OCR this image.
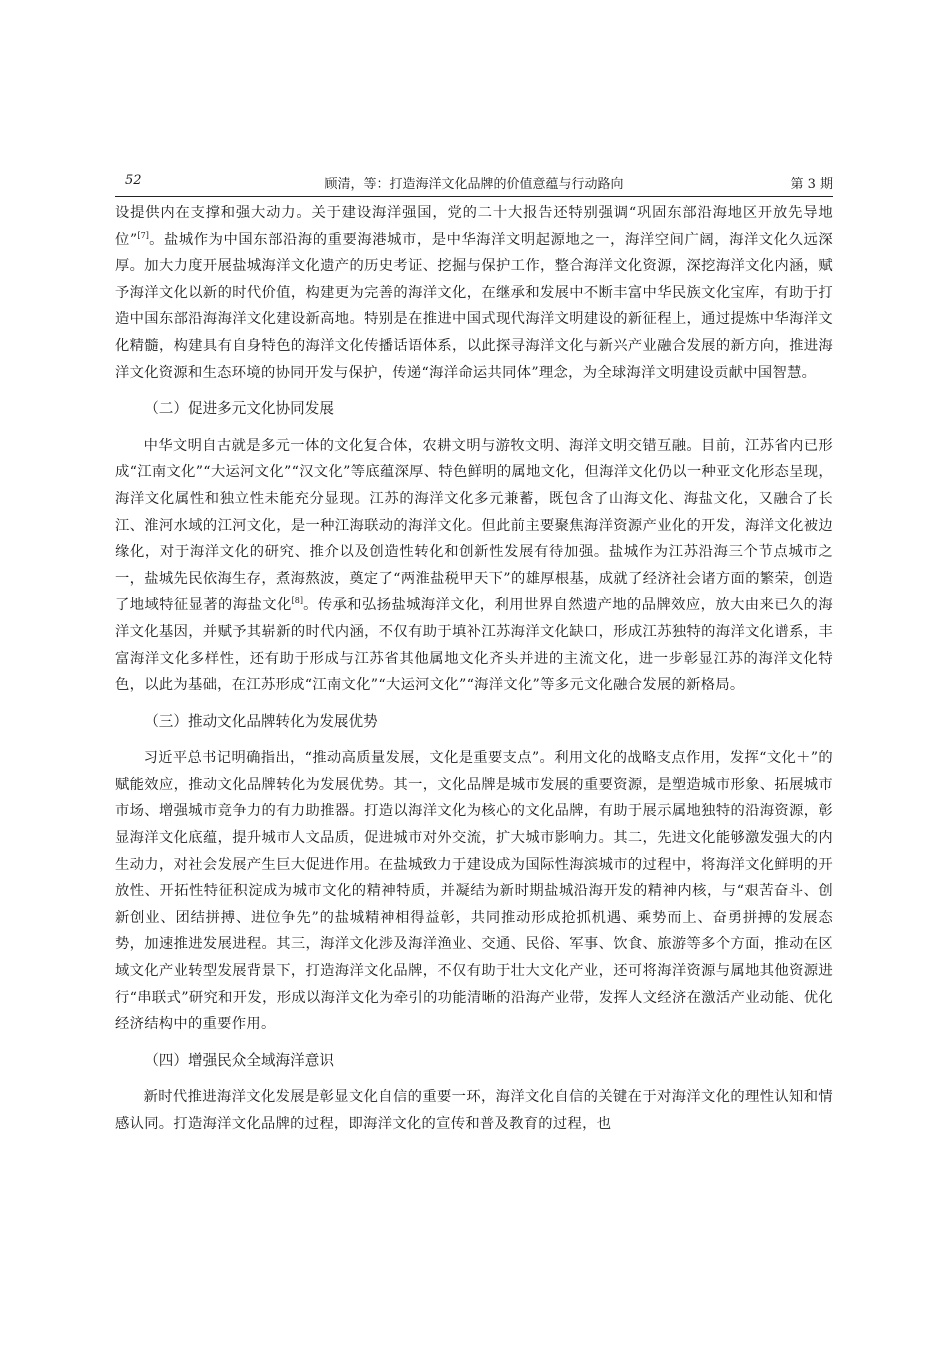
52	顾清，等：打造海洋文化品牌的价值意蕴与行动路向	第 3 期

设提供内在支撑和强大动力。关于建设海洋强国，党的二十大报告还特别强调“巩固东部沿海地区开放先导地位”[7]。盐城作为中国东部沿海的重要海港城市，是中华海洋文明起源地之一，海洋空间广阔，海洋文化久远深厚。加大力度开展盐城海洋文化遗产的历史考证、挖掘与保护工作，整合海洋文化资源，深挖海洋文化内涵，赋予海洋文化以新的时代价值，构建更为完善的海洋文化，在继承和发展中不断丰富中华民族文化宝库，有助于打造中国东部沿海海洋文化建设新高地。特别是在推进中国式现代海洋文明建设的新征程上，通过提炼中华海洋文化精髓，构建具有自身特色的海洋文化传播话语体系，以此探寻海洋文化与新兴产业融合发展的新方向，推进海洋文化资源和生态环境的协同开发与保护，传递“海洋命运共同体”理念，为全球海洋文明建设贡献中国智慧。

（二）促进多元文化协同发展

中华文明自古就是多元一体的文化复合体，农耕文明与游牧文明、海洋文明交错互融。目前，江苏省内已形成“江南文化”“大运河文化”“汉文化”等底蕴深厚、特色鲜明的属地文化，但海洋文化仍以一种亚文化形态呈现，海洋文化属性和独立性未能充分显现。江苏的海洋文化多元兼蓄，既包含了山海文化、海盐文化，又融合了长江、淮河水域的江河文化，是一种江海联动的海洋文化。但此前主要聚焦海洋资源产业化的开发，海洋文化被边缘化，对于海洋文化的研究、推介以及创造性转化和创新性发展有待加强。盐城作为江苏沿海三个节点城市之一，盐城先民依海生存，煮海熬波，奠定了“两淮盐税甲天下”的雄厚根基，成就了经济社会诸方面的繁荣，创造了地域特征显著的海盐文化[8]。传承和弘扬盐城海洋文化，利用世界自然遗产地的品牌效应，放大由来已久的海洋文化基因，并赋予其崭新的时代内涵，不仅有助于填补江苏海洋文化缺口，形成江苏独特的海洋文化谱系，丰富海洋文化多样性，还有助于形成与江苏省其他属地文化齐头并进的主流文化，进一步彰显江苏的海洋文化特色，以此为基础，在江苏形成“江南文化”“大运河文化”“海洋文化”等多元文化融合发展的新格局。

（三）推动文化品牌转化为发展优势

习近平总书记明确指出，“推动高质量发展，文化是重要支点”。利用文化的战略支点作用，发挥“文化＋”的赋能效应，推动文化品牌转化为发展优势。其一，文化品牌是城市发展的重要资源，是塑造城市形象、拓展城市市场、增强城市竞争力的有力助推器。打造以海洋文化为核心的文化品牌，有助于展示属地独特的沿海资源，彰显海洋文化底蕴，提升城市人文品质，促进城市对外交流，扩大城市影响力。其二，先进文化能够激发强大的内生动力，对社会发展产生巨大促进作用。在盐城致力于建设成为国际性海滨城市的过程中，将海洋文化鲜明的开放性、开拓性特征积淀成为城市文化的精神特质，并凝结为新时期盐城沿海开发的精神内核，与“艰苦奋斗、创新创业、团结拼搏、进位争先”的盐城精神相得益彰，共同推动形成抢抓机遇、乘势而上、奋勇拼搏的发展态势，加速推进发展进程。其三，海洋文化涉及海洋渔业、交通、民俗、军事、饮食、旅游等多个方面，推动在区域文化产业转型发展背景下，打造海洋文化品牌，不仅有助于壮大文化产业，还可将海洋资源与属地其他资源进行“串联式”研究和开发，形成以海洋文化为牵引的功能清晰的沿海产业带，发挥人文经济在激活产业动能、优化经济结构中的重要作用。

（四）增强民众全域海洋意识

新时代推进海洋文化发展是彰显文化自信的重要一环，海洋文化自信的关键在于对海洋文化的理性认知和情感认同。打造海洋文化品牌的过程，即海洋文化的宣传和普及教育的过程，也
